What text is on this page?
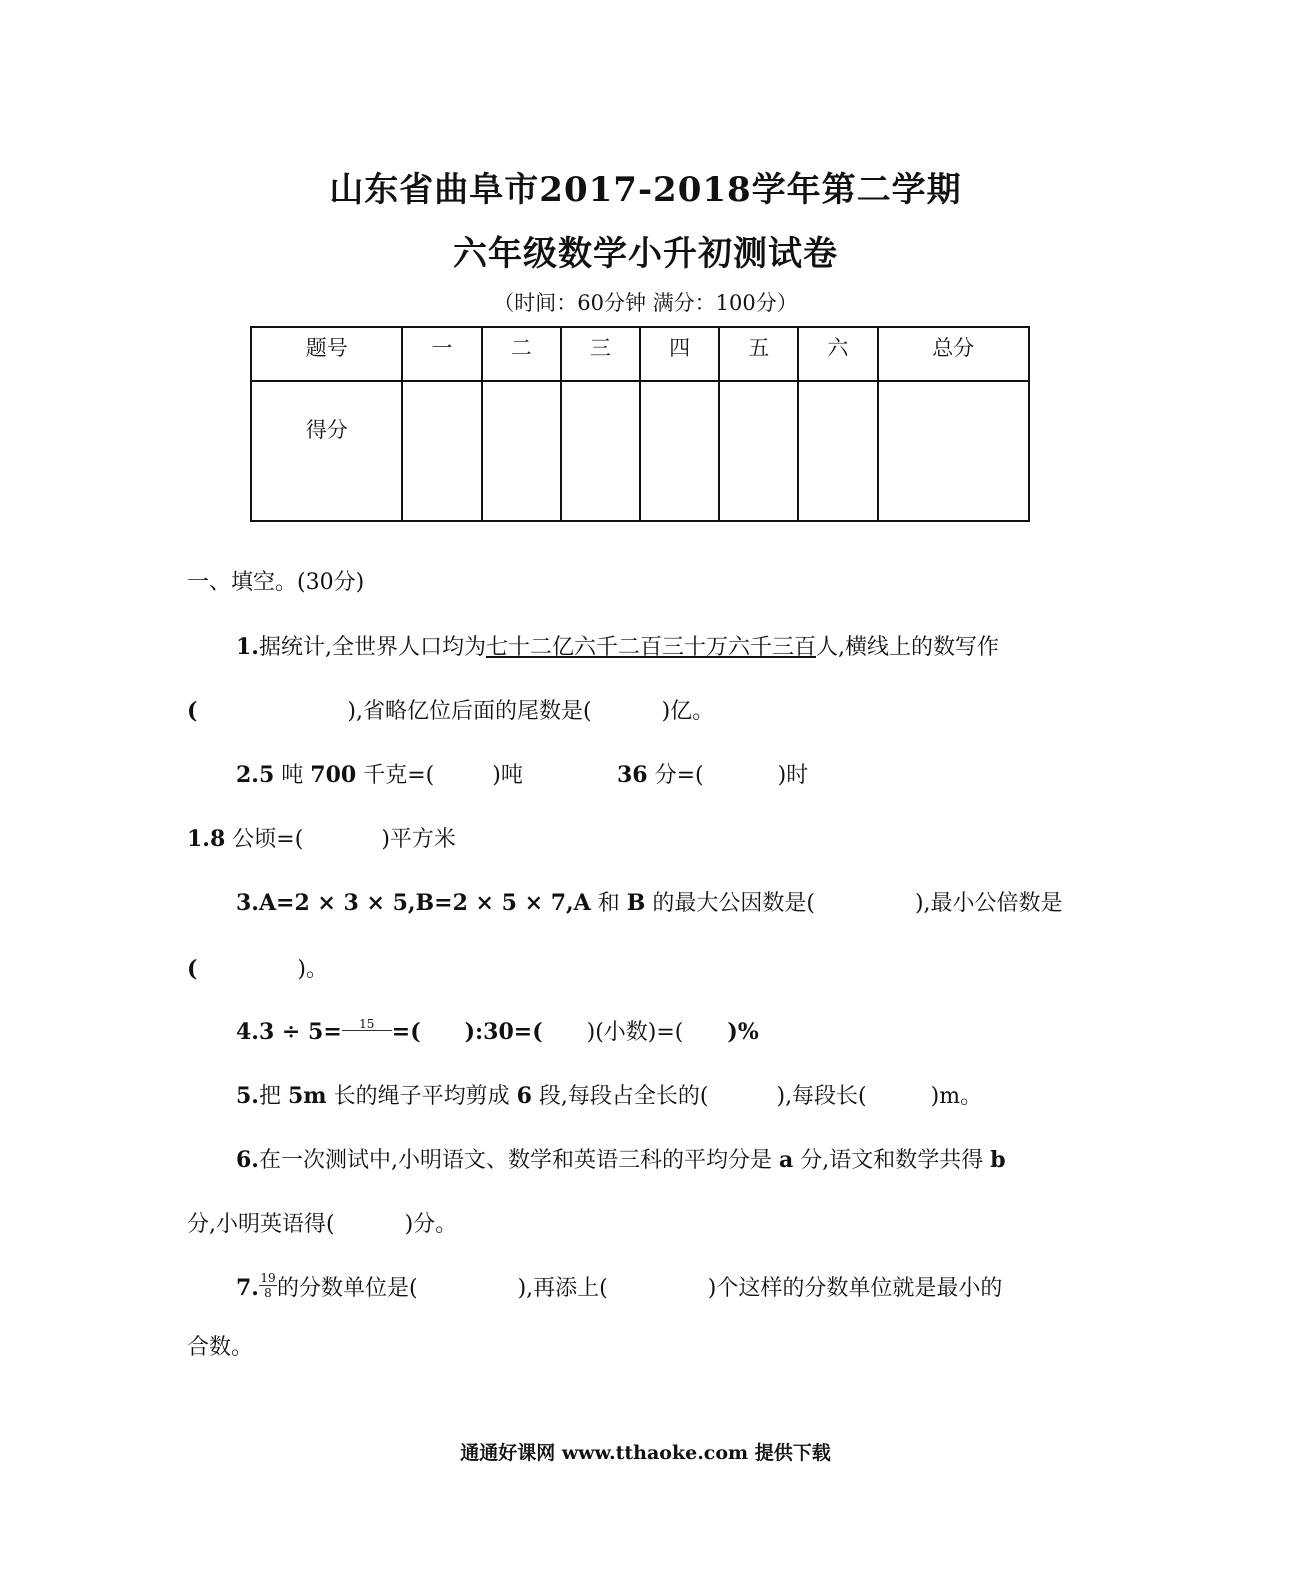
山东省曲阜市2017-2018学年第二学期
六年级数学小升初测试卷
（时间：60分钟 满分：100分）
题号	一	二	三	四	五	六	总分
得分							
一、填空。(30分)
1.据统计,全世界人口均为七十二亿六千二百三十万六千三百人,横线上的数写作
(	),省略亿位后面的尾数是(	)亿。
2.5 吨 700 千克=(	)吨	36 分=(	)时
1.8 公顷=(	)平方米
3.A=2 × 3 × 5,B=2 × 5 × 7,A 和 B 的最大公因数是(	),最小公倍数是
(	)。
4.3 ÷ 5=	15 =( ):30=( )(小数)=( )%
5.把 5m 长的绳子平均剪成 6 段,每段占全长的(	),每段长(	)m。
6.在一次测试中,小明语文、数学和英语三科的平均分是 a 分,语文和数学共得 b
分,小明英语得(	)分。
7. $\frac{19}{8}$ 的分数单位是(	),再添上(	)个这样的分数单位就是最小的
合数。
通通好课网 www.tthaoke.com 提供下载
